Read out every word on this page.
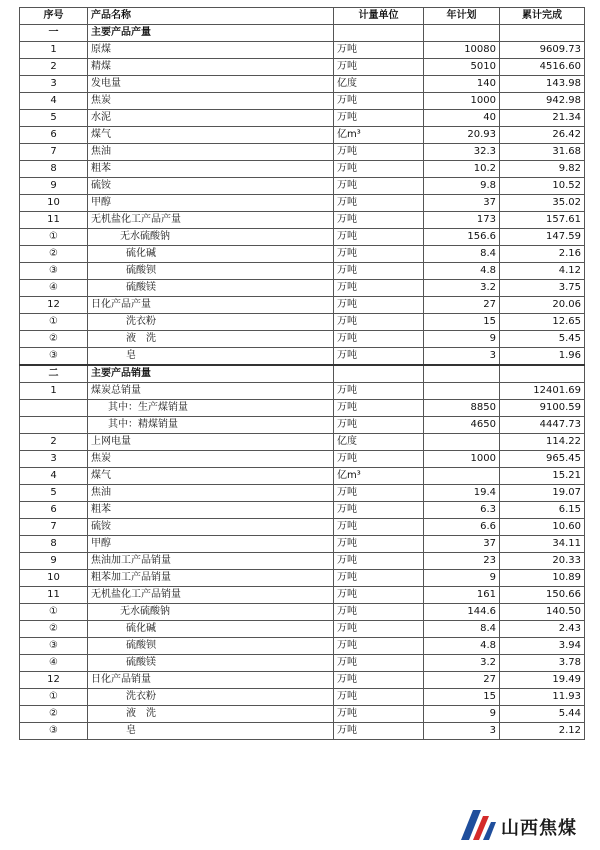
序号	产品名称	计量单位	年计划	累计完成
一	主要产品产量			
1	原煤	万吨	10080	9609.73
2	精煤	万吨	5010	4516.60
3	发电量	亿度	140	143.98
4	焦炭	万吨	1000	942.98
5	水泥	万吨	40	21.34
6	煤气	亿m³	20.93	26.42
7	焦油	万吨	32.3	31.68
8	粗苯	万吨	10.2	9.82
9	硫铵	万吨	9.8	10.52
10	甲醇	万吨	37	35.02
11	无机盐化工产品产量	万吨	173	157.61
①	无水硫酸钠	万吨	156.6	147.59
②	硫化碱	万吨	8.4	2.16
③	硫酸钡	万吨	4.8	4.12
④	硫酸镁	万吨	3.2	3.75
12	日化产品产量	万吨	27	20.06
①	洗衣粉	万吨	15	12.65
②	液　洗	万吨	9	5.45
③	皂	万吨	3	1.96
二	主要产品销量			
1	煤炭总销量	万吨		12401.69
	其中：生产煤销量	万吨	8850	9100.59
	其中：精煤销量	万吨	4650	4447.73
2	上网电量	亿度		114.22
3	焦炭	万吨	1000	965.45
4	煤气	亿m³		15.21
5	焦油	万吨	19.4	19.07
6	粗苯	万吨	6.3	6.15
7	硫铵	万吨	6.6	10.60
8	甲醇	万吨	37	34.11
9	焦油加工产品销量	万吨	23	20.33
10	粗苯加工产品销量	万吨	9	10.89
11	无机盐化工产品销量	万吨	161	150.66
①	无水硫酸钠	万吨	144.6	140.50
②	硫化碱	万吨	8.4	2.43
③	硫酸钡	万吨	4.8	3.94
④	硫酸镁	万吨	3.2	3.78
12	日化产品销量	万吨	27	19.49
①	洗衣粉	万吨	15	11.93
②	液　洗	万吨	9	5.44
③	皂	万吨	3	2.12
山西焦煤
